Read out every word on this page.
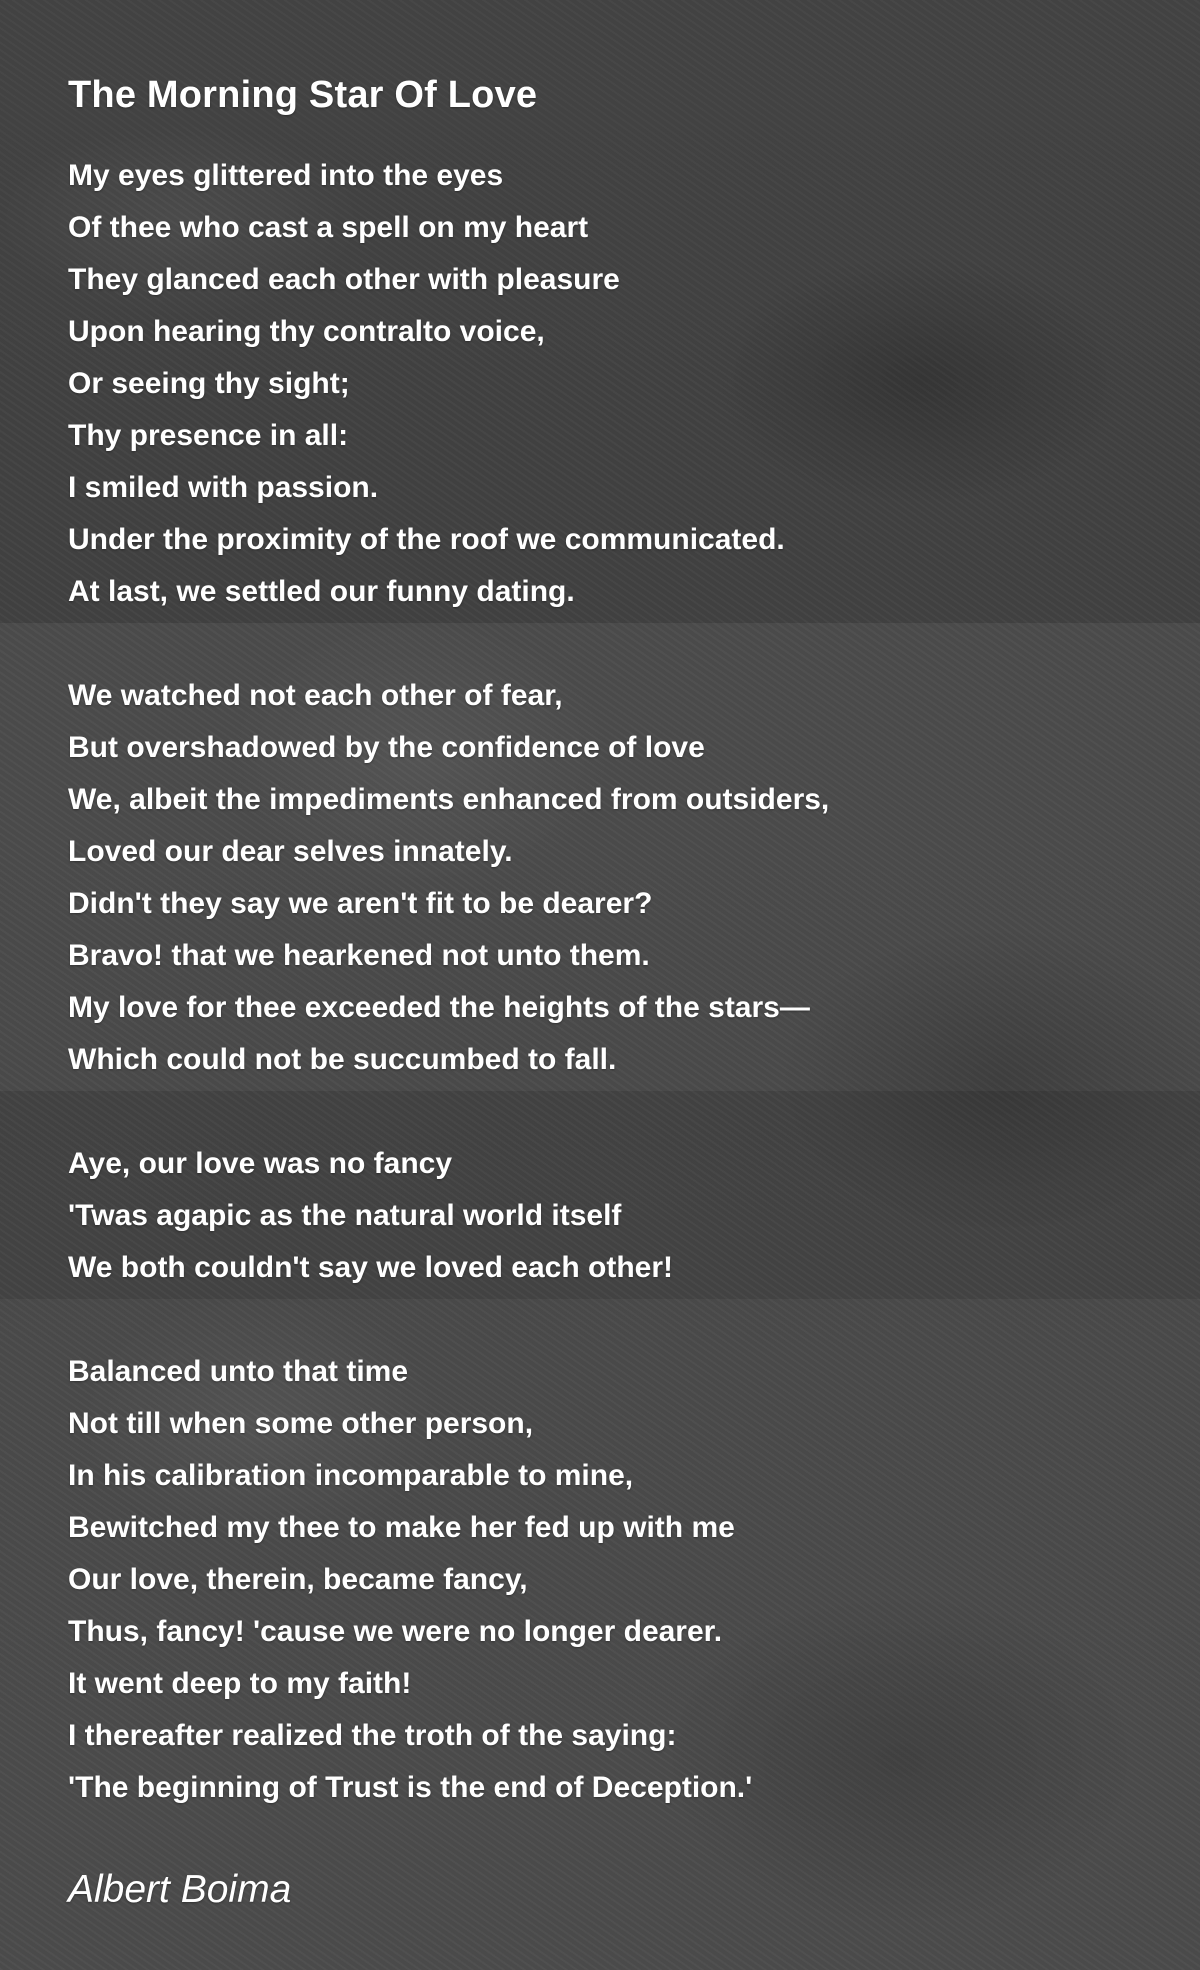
The Morning Star Of Love
My eyes glittered into the eyes
Of thee who cast a spell on my heart
They glanced each other with pleasure
Upon hearing thy contralto voice,
Or seeing thy sight;
Thy presence in all:
I smiled with passion.
Under the proximity of the roof we communicated.
At last, we settled our funny dating.
We watched not each other of fear,
But overshadowed by the confidence of love
We, albeit the impediments enhanced from outsiders,
Loved our dear selves innately.
Didn't they say we aren't fit to be dearer?
Bravo! that we hearkened not unto them.
My love for thee exceeded the heights of the stars—
Which could not be succumbed to fall.
Aye, our love was no fancy
'Twas agapic as the natural world itself
We both couldn't say we loved each other!
Balanced unto that time
Not till when some other person,
In his calibration incomparable to mine,
Bewitched my thee to make her fed up with me
Our love, therein, became fancy,
Thus, fancy! 'cause we were no longer dearer.
It went deep to my faith!
I thereafter realized the troth of the saying:
'The beginning of Trust is the end of Deception.'
Albert Boima
